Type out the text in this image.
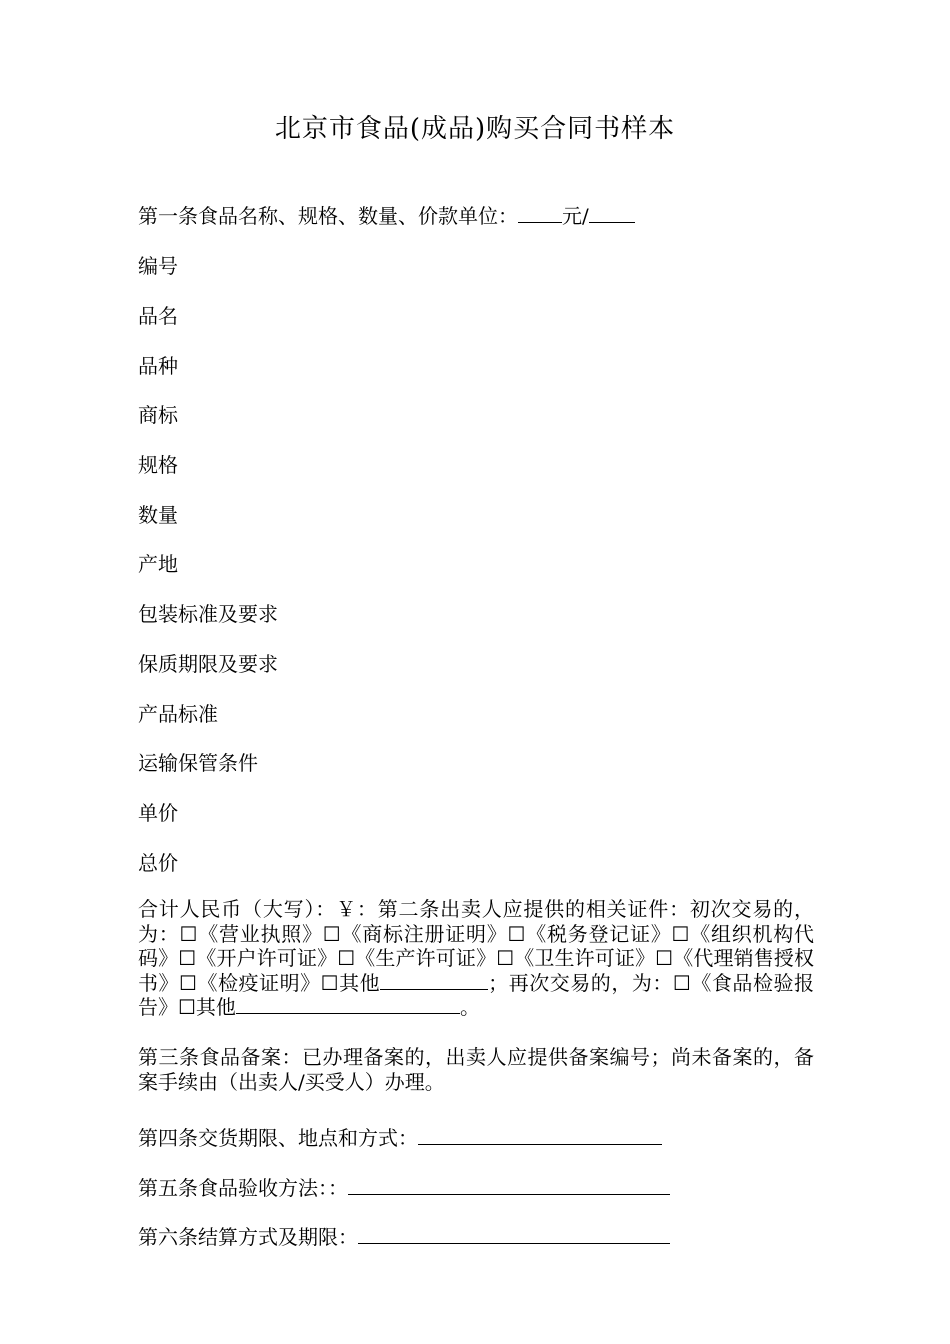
北京市食品(成品)购买合同书样本
第一条食品名称、规格、数量、价款单位： 元/
编号
品名
品种
商标
规格
数量
产地
包装标准及要求
保质期限及要求
产品标准
运输保管条件
单价
总价
合计人民币（大写）：￥：第二条出卖人应提供的相关证件：初次交易的，为：☐《营业执照》☐《商标注册证明》☐《税务登记证》☐《组织机构代码》☐《开户许可证》☐《生产许可证》☐《卫生许可证》☐《代理销售授权书》☐《检疫证明》☐其他	；再次交易的，为：☐《食品检验报告》☐其他	。
第三条食品备案：已办理备案的，出卖人应提供备案编号；尚未备案的，备案手续由（出卖人/买受人）办理。
第四条交货期限、地点和方式：
第五条食品验收方法：：
第六条结算方式及期限：
